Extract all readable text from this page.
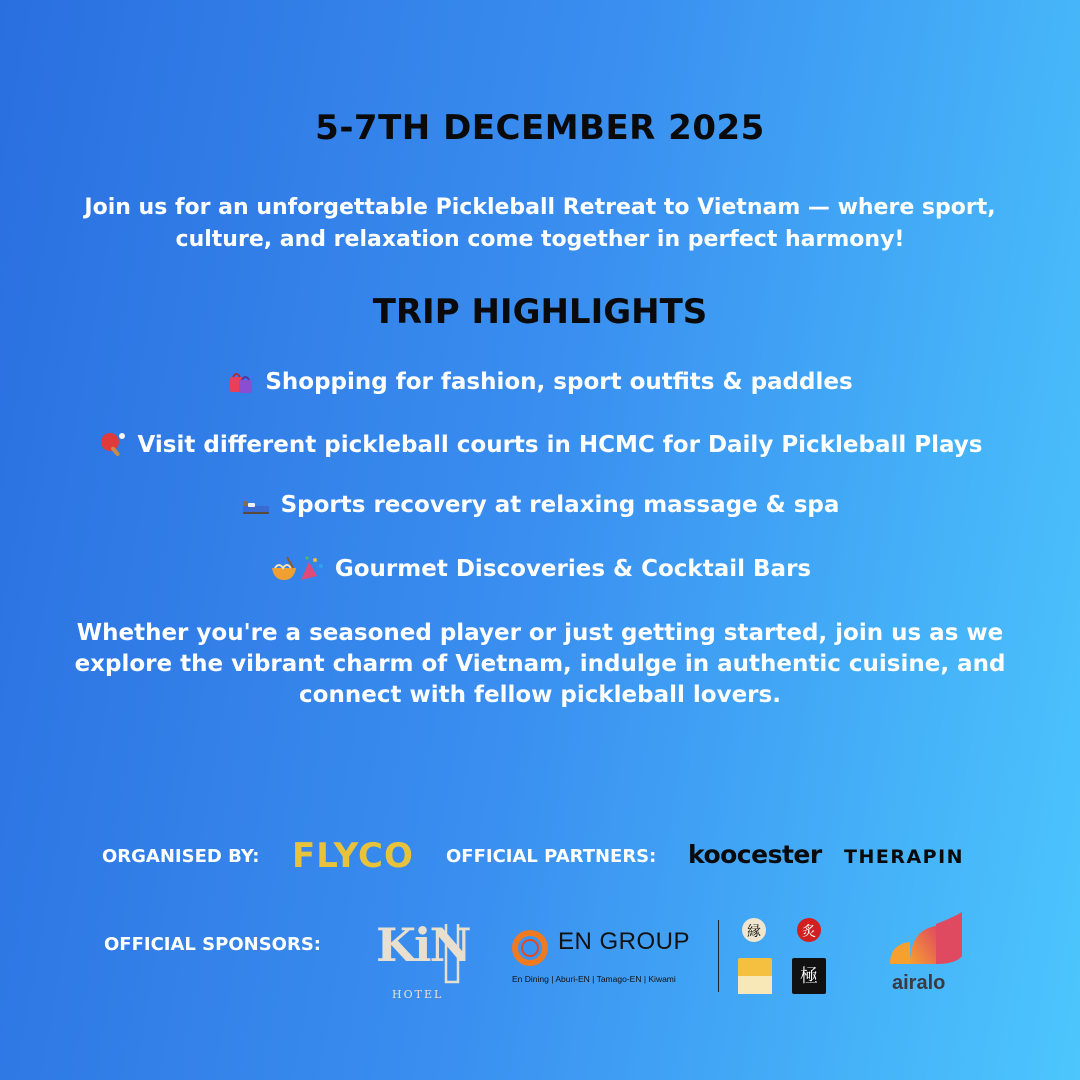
5-7TH DECEMBER 2025
Join us for an unforgettable Pickleball Retreat to Vietnam — where sport, culture, and relaxation come together in perfect harmony!
TRIP HIGHLIGHTS
Shopping for fashion, sport outfits & paddles
Visit different pickleball courts in HCMC for Daily Pickleball Plays
Sports recovery at relaxing massage & spa
Gourmet Discoveries & Cocktail Bars
Whether you're a seasoned player or just getting started, join us as we explore the vibrant charm of Vietnam, indulge in authentic cuisine, and connect with fellow pickleball lovers.
ORGANISED BY: FLYCO OFFICIAL PARTNERS: koocester THERAPIN
OFFICIAL SPONSORS: KiN
HOTEL
EN GROUP
En Dining | Aburi-EN | Tamago-EN | Kiwami
縁	炙
極	airalo
